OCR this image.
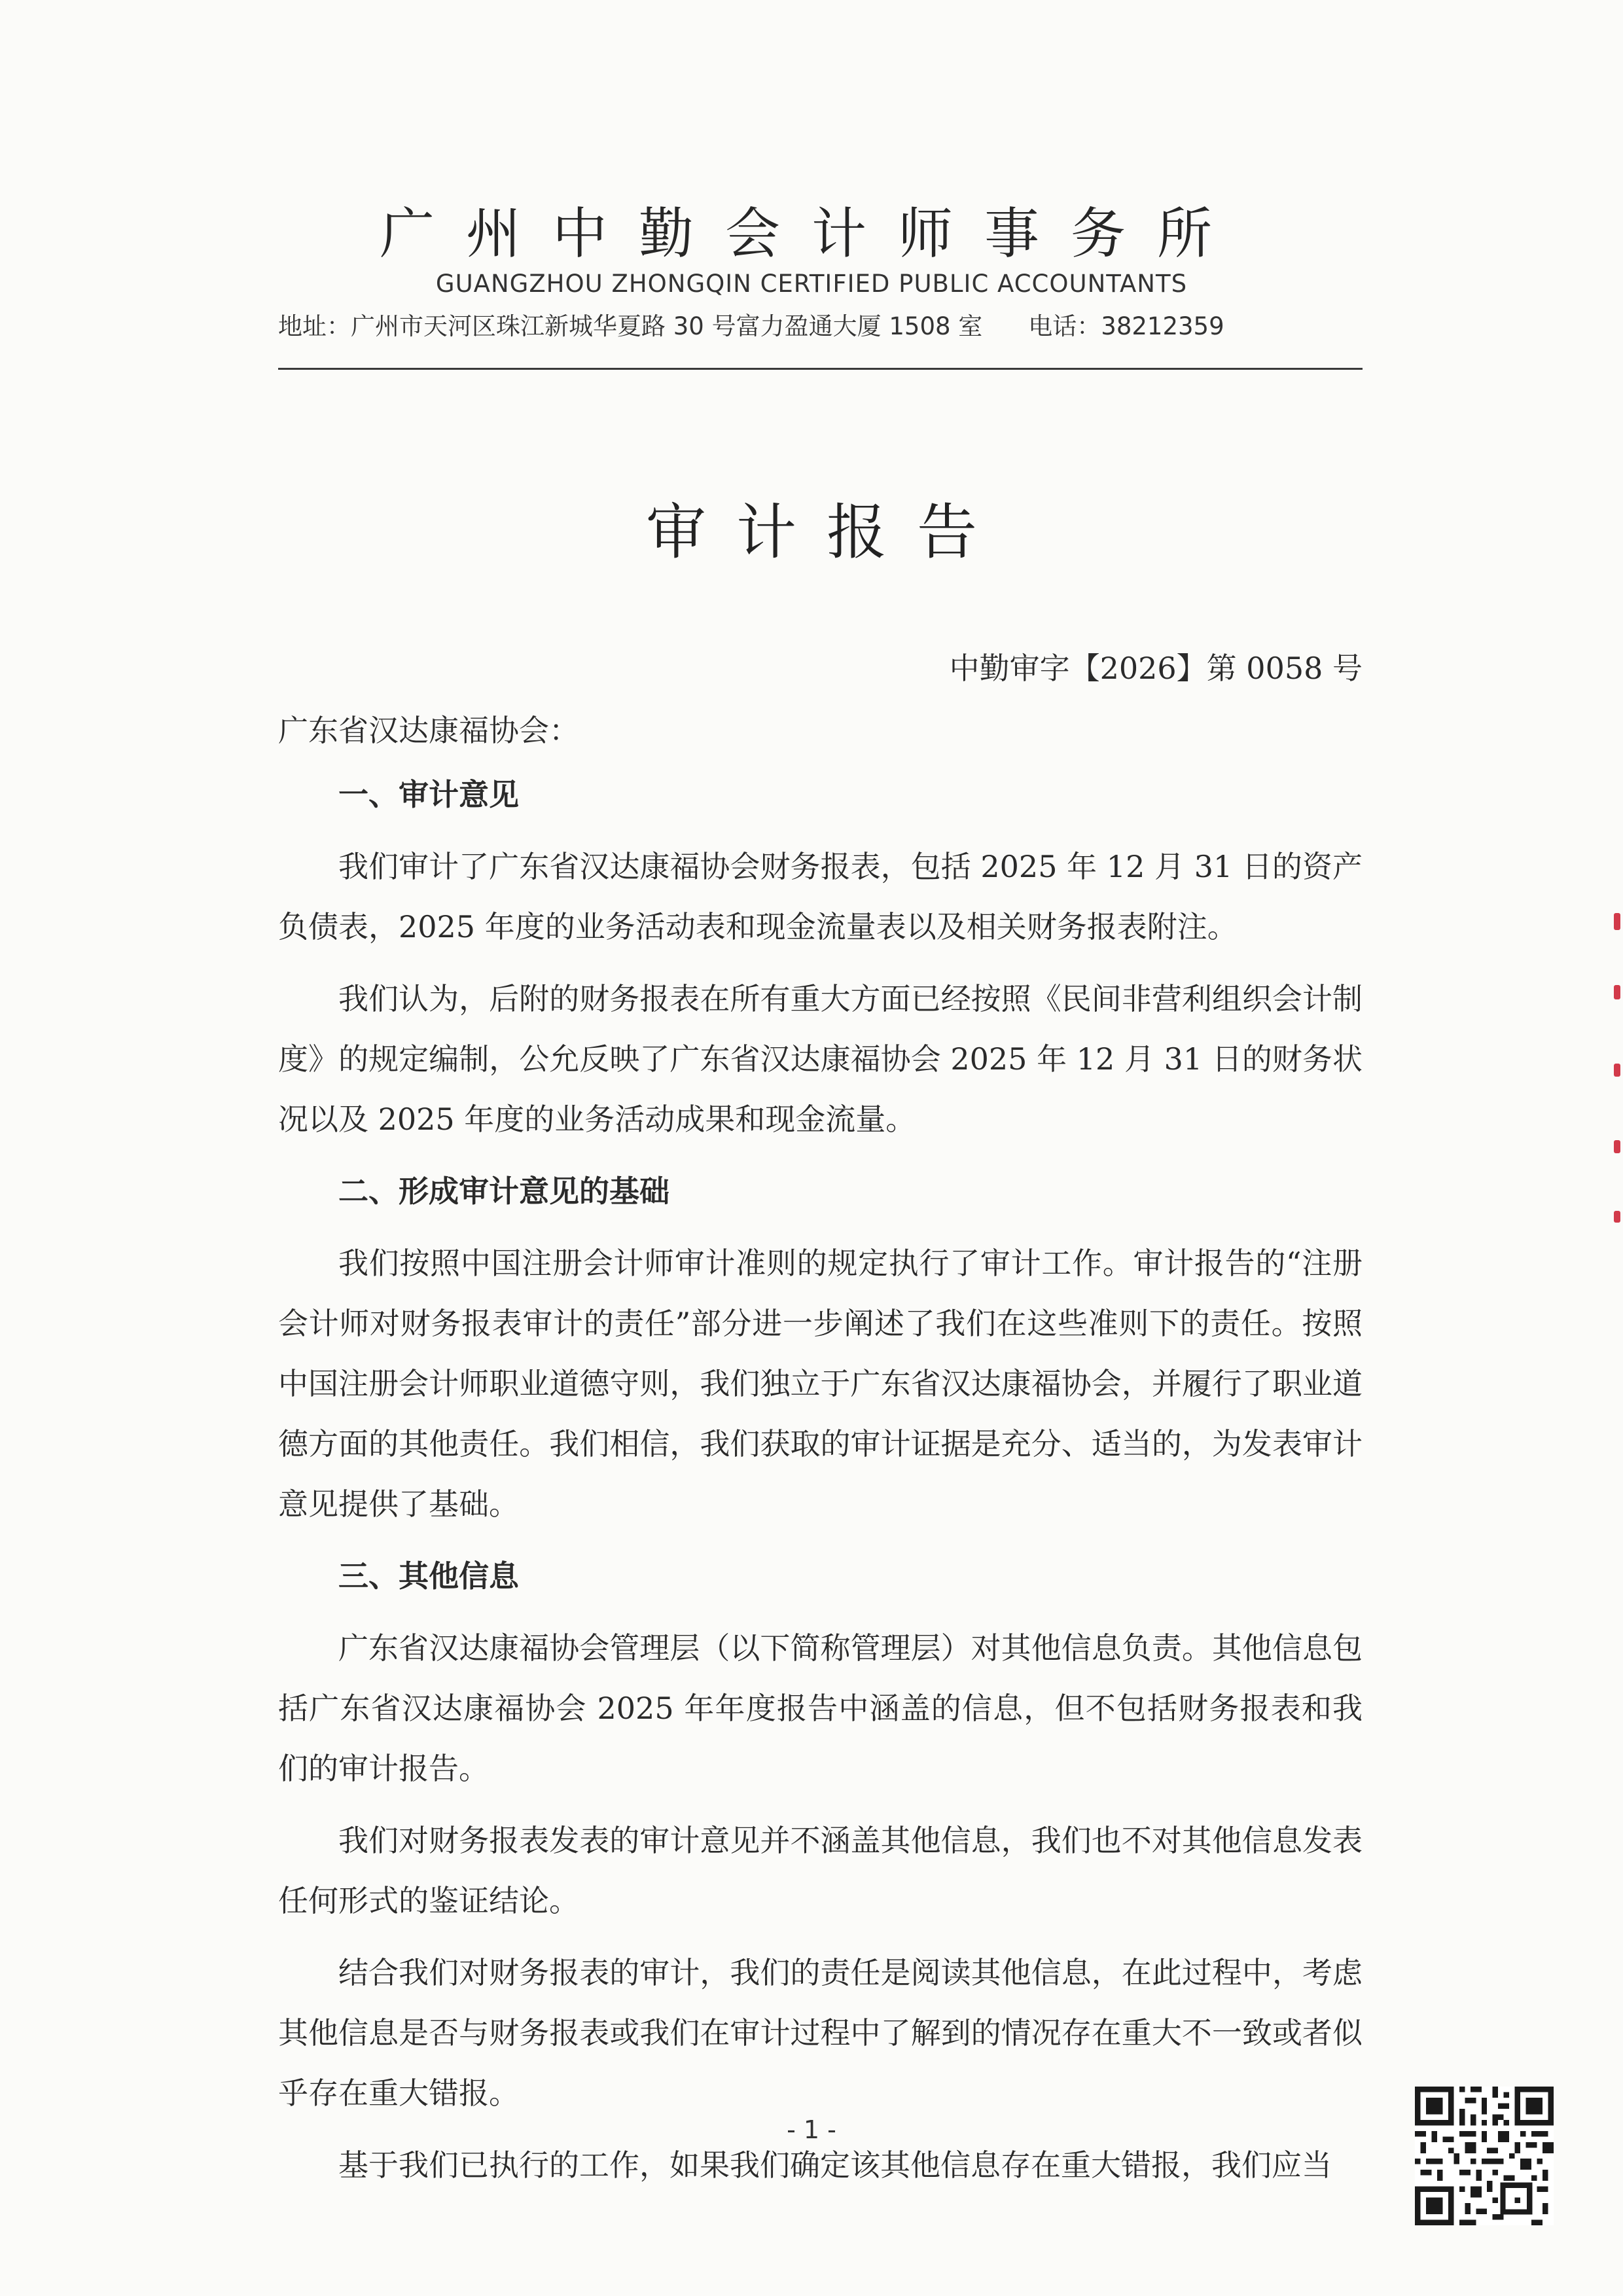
广州中勤会计师事务所
GUANGZHOU ZHONGQIN CERTIFIED PUBLIC ACCOUNTANTS
地址：广州市天河区珠江新城华夏路 30 号富力盈通大厦 1508 室 电话：38212359
审计报告
中勤审字【2026】第 0058 号
广东省汉达康福协会：
一、审计意见

我们审计了广东省汉达康福协会财务报表，包括 2025 年 12 月 31 日的资产负债表，2025 年度的业务活动表和现金流量表以及相关财务报表附注。

我们认为，后附的财务报表在所有重大方面已经按照《民间非营利组织会计制度》的规定编制，公允反映了广东省汉达康福协会 2025 年 12 月 31 日的财务状况以及 2025 年度的业务活动成果和现金流量。

二、形成审计意见的基础

我们按照中国注册会计师审计准则的规定执行了审计工作。审计报告的“注册会计师对财务报表审计的责任”部分进一步阐述了我们在这些准则下的责任。按照中国注册会计师职业道德守则，我们独立于广东省汉达康福协会，并履行了职业道德方面的其他责任。我们相信，我们获取的审计证据是充分、适当的，为发表审计意见提供了基础。

三、其他信息

广东省汉达康福协会管理层（以下简称管理层）对其他信息负责。其他信息包括广东省汉达康福协会 2025 年年度报告中涵盖的信息，但不包括财务报表和我们的审计报告。

我们对财务报表发表的审计意见并不涵盖其他信息，我们也不对其他信息发表任何形式的鉴证结论。

结合我们对财务报表的审计，我们的责任是阅读其他信息，在此过程中，考虑其他信息是否与财务报表或我们在审计过程中了解到的情况存在重大不一致或者似乎存在重大错报。

基于我们已执行的工作，如果我们确定该其他信息存在重大错报，我们应当

- 1 -
